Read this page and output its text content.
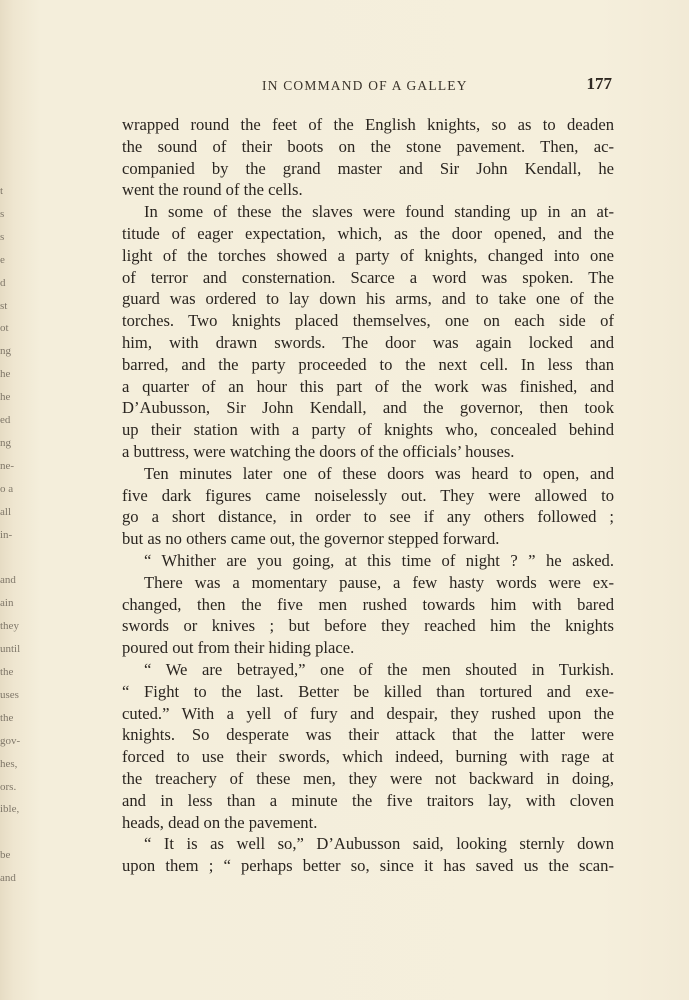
t
s
s
e
d
st
ot
ng
he
he
ed
ng
ne-
o a
all
in-

and
ain
they
until
the
uses
the
gov-
hes,
ors.
ible,

be
and
IN COMMAND OF A GALLEY	177
wrapped round the feet of the English knights, so as to deaden
the sound of their boots on the stone pavement. Then, ac-
companied by the grand master and Sir John Kendall, he
went the round of the cells.
In some of these the slaves were found standing up in an at-
titude of eager expectation, which, as the door opened, and the
light of the torches showed a party of knights, changed into one
of terror and consternation. Scarce a word was spoken. The
guard was ordered to lay down his arms, and to take one of the
torches. Two knights placed themselves, one on each side of
him, with drawn swords. The door was again locked and
barred, and the party proceeded to the next cell. In less than
a quarter of an hour this part of the work was finished, and
D’Aubusson, Sir John Kendall, and the governor, then took
up their station with a party of knights who, concealed behind
a buttress, were watching the doors of the officials’ houses.
Ten minutes later one of these doors was heard to open, and
five dark figures came noiselessly out. They were allowed to
go a short distance, in order to see if any others followed ;
but as no others came out, the governor stepped forward.
“ Whither are you going, at this time of night ? ” he asked.
There was a momentary pause, a few hasty words were ex-
changed, then the five men rushed towards him with bared
swords or knives ; but before they reached him the knights
poured out from their hiding place.
“ We are betrayed,” one of the men shouted in Turkish.
“ Fight to the last. Better be killed than tortured and exe-
cuted.” With a yell of fury and despair, they rushed upon the
knights. So desperate was their attack that the latter were
forced to use their swords, which indeed, burning with rage at
the treachery of these men, they were not backward in doing,
and in less than a minute the five traitors lay, with cloven
heads, dead on the pavement.
“ It is as well so,” D’Aubusson said, looking sternly down
upon them ; “ perhaps better so, since it has saved us the scan-
